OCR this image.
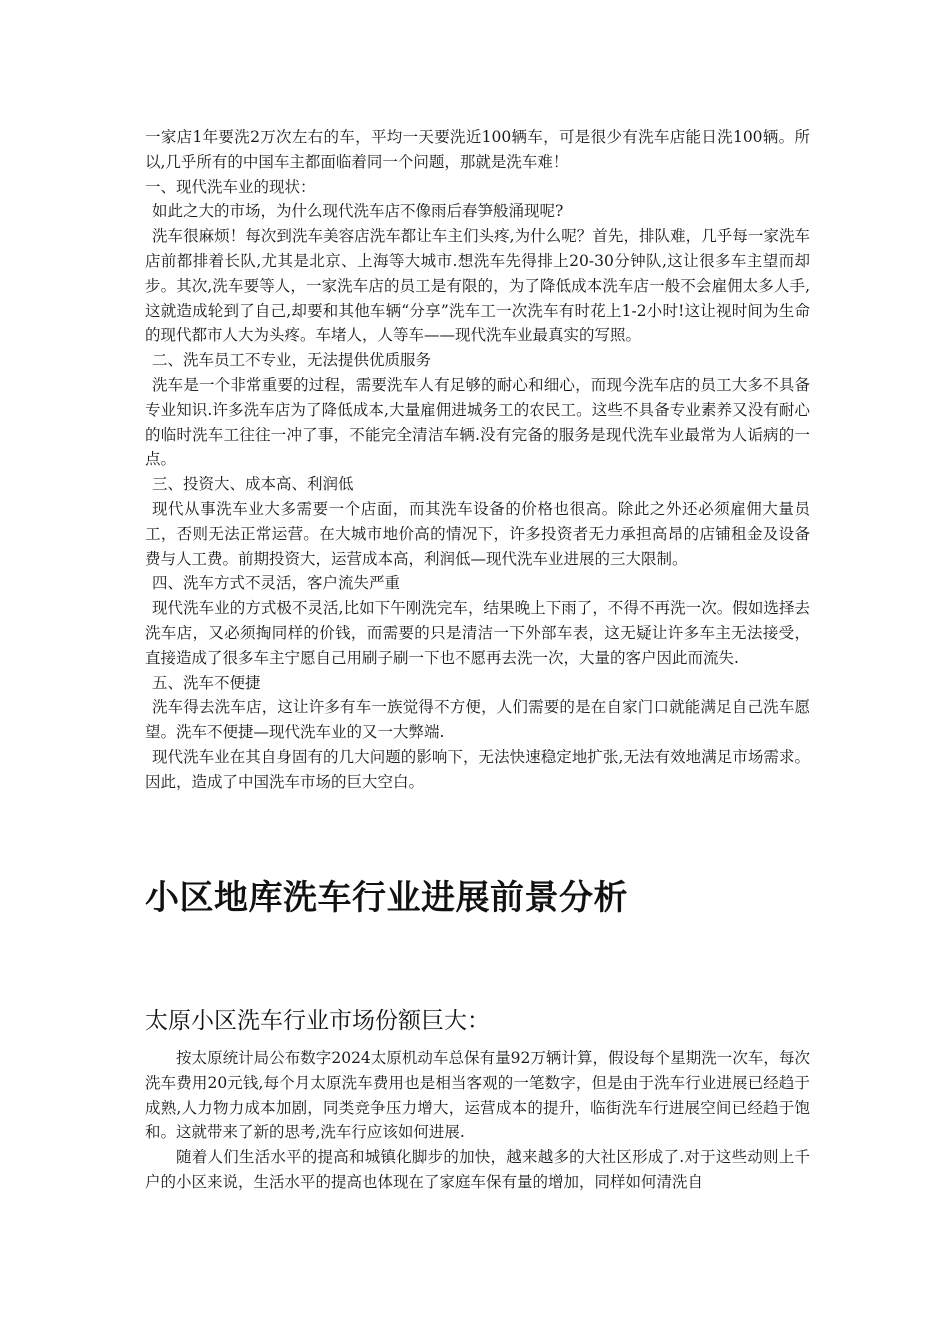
一家店1年要洗2万次左右的车，平均一天要洗近100辆车，可是很少有洗车店能日洗100辆。所以,几乎所有的中国车主都面临着同一个问题，那就是洗车难！

一、现代洗车业的现状：

如此之大的市场，为什么现代洗车店不像雨后春笋般涌现呢?

洗车很麻烦！每次到洗车美容店洗车都让车主们头疼,为什么呢？首先，排队难，几乎每一家洗车店前都排着长队,尤其是北京、上海等大城市.想洗车先得排上20-30分钟队,这让很多车主望而却步。其次,洗车要等人，一家洗车店的员工是有限的，为了降低成本洗车店一般不会雇佣太多人手,这就造成轮到了自己,却要和其他车辆“分享”洗车工一次洗车有时花上1-2小时!这让视时间为生命的现代都市人大为头疼。车堵人，人等车——现代洗车业最真实的写照。

二、洗车员工不专业，无法提供优质服务

洗车是一个非常重要的过程，需要洗车人有足够的耐心和细心，而现今洗车店的员工大多不具备专业知识.许多洗车店为了降低成本,大量雇佣进城务工的农民工。这些不具备专业素养又没有耐心的临时洗车工往往一冲了事，不能完全清洁车辆.没有完备的服务是现代洗车业最常为人诟病的一点。

三、投资大、成本高、利润低

现代从事洗车业大多需要一个店面，而其洗车设备的价格也很高。除此之外还必须雇佣大量员工，否则无法正常运营。在大城市地价高的情况下，许多投资者无力承担高昂的店铺租金及设备费与人工费。前期投资大，运营成本高，利润低—现代洗车业进展的三大限制。

四、洗车方式不灵活，客户流失严重

现代洗车业的方式极不灵活,比如下午刚洗完车，结果晚上下雨了，不得不再洗一次。假如选择去洗车店，又必须掏同样的价钱，而需要的只是清洁一下外部车表，这无疑让许多车主无法接受，直接造成了很多车主宁愿自己用刷子刷一下也不愿再去洗一次，大量的客户因此而流失.

五、洗车不便捷

洗车得去洗车店，这让许多有车一族觉得不方便，人们需要的是在自家门口就能满足自己洗车愿望。洗车不便捷—现代洗车业的又一大弊端.

现代洗车业在其自身固有的几大问题的影响下，无法快速稳定地扩张,无法有效地满足市场需求。因此，造成了中国洗车市场的巨大空白。

小区地库洗车行业进展前景分析
太原小区洗车行业市场份额巨大：

按太原统计局公布数字2024太原机动车总保有量92万辆计算，假设每个星期洗一次车，每次洗车费用20元钱,每个月太原洗车费用也是相当客观的一笔数字，但是由于洗车行业进展已经趋于成熟,人力物力成本加剧，同类竞争压力增大，运营成本的提升，临街洗车行进展空间已经趋于饱和。这就带来了新的思考,洗车行应该如何进展.

随着人们生活水平的提高和城镇化脚步的加快，越来越多的大社区形成了.对于这些动则上千户的小区来说，生活水平的提高也体现在了家庭车保有量的增加，同样如何清洗自
